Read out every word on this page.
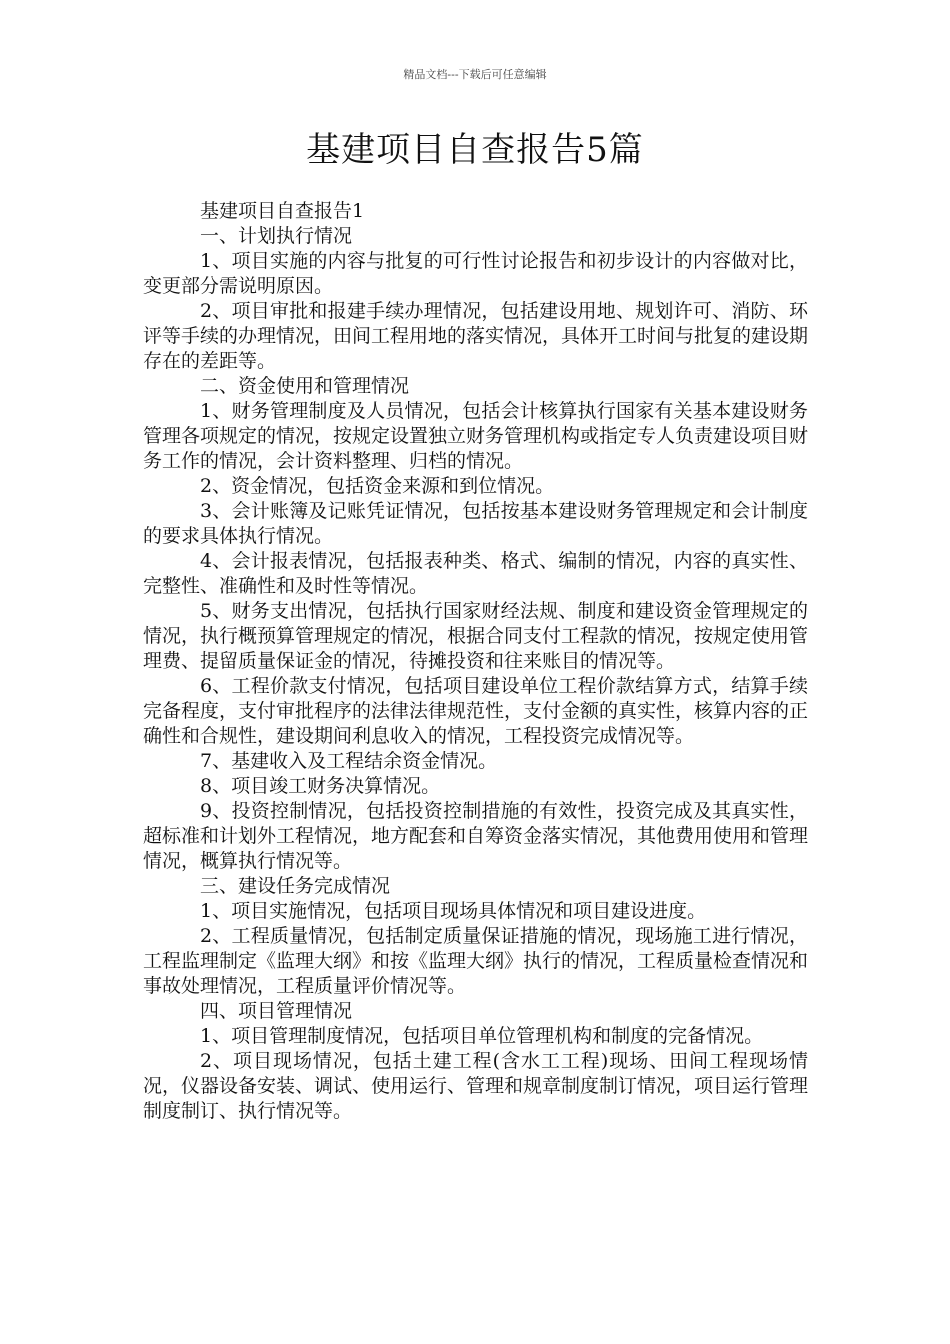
精品文档---下载后可任意编辑
基建项目自查报告5篇

基建项目自查报告1

一、计划执行情况

1、项目实施的内容与批复的可行性讨论报告和初步设计的内容做对比，变更部分需说明原因。

2、项目审批和报建手续办理情况，包括建设用地、规划许可、消防、环评等手续的办理情况，田间工程用地的落实情况，具体开工时间与批复的建设期存在的差距等。

二、资金使用和管理情况

1、财务管理制度及人员情况，包括会计核算执行国家有关基本建设财务管理各项规定的情况，按规定设置独立财务管理机构或指定专人负责建设项目财务工作的情况，会计资料整理、归档的情况。

2、资金情况，包括资金来源和到位情况。

3、会计账簿及记账凭证情况，包括按基本建设财务管理规定和会计制度的要求具体执行情况。

4、会计报表情况，包括报表种类、格式、编制的情况，内容的真实性、完整性、准确性和及时性等情况。

5、财务支出情况，包括执行国家财经法规、制度和建设资金管理规定的情况，执行概预算管理规定的情况，根据合同支付工程款的情况，按规定使用管理费、提留质量保证金的情况，待摊投资和往来账目的情况等。

6、工程价款支付情况，包括项目建设单位工程价款结算方式，结算手续完备程度，支付审批程序的法律法律规范性，支付金额的真实性，核算内容的正确性和合规性，建设期间利息收入的情况，工程投资完成情况等。

7、基建收入及工程结余资金情况。

8、项目竣工财务决算情况。

9、投资控制情况，包括投资控制措施的有效性，投资完成及其真实性，超标准和计划外工程情况，地方配套和自筹资金落实情况，其他费用使用和管理情况，概算执行情况等。

三、建设任务完成情况

1、项目实施情况，包括项目现场具体情况和项目建设进度。

2、工程质量情况，包括制定质量保证措施的情况，现场施工进行情况，工程监理制定《监理大纲》和按《监理大纲》执行的情况，工程质量检查情况和事故处理情况，工程质量评价情况等。

四、项目管理情况

1、项目管理制度情况，包括项目单位管理机构和制度的完备情况。

2、项目现场情况，包括土建工程(含水工工程)现场、田间工程现场情况，仪器设备安装、调试、使用运行、管理和规章制度制订情况，项目运行管理制度制订、执行情况等。
